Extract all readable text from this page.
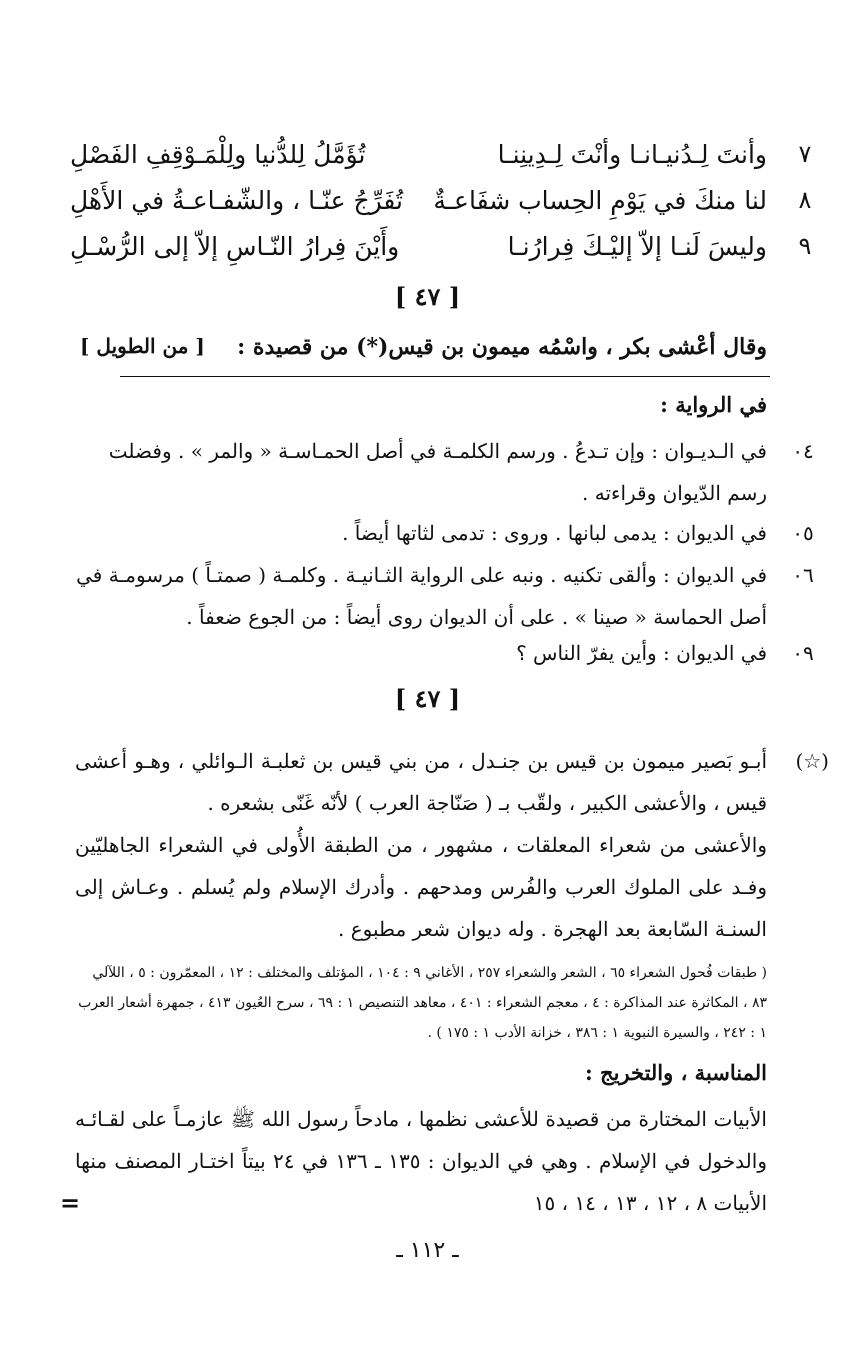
٧
وأنتَ لِـدُنيـانـا وأنْتَ لِـدِينِنـا
تُؤَمَّلُ لِلدُّنيا ولِلْمَـوْقِفِ الفَصْلِ
٨
لنا منكَ في يَوْمِ الحِساب شفَاعـةٌ
تُفَرِّجُ عنّـا ، والشّفـاعـةُ في الأَهْلِ
٩
وليسَ لَنـا إلاّ إليْـكَ فِرارُنـا
وأَيْنَ فِرارُ النّـاسِ إلاّ إلى الرُّسْـلِ
[ ٤٧ ]
وقال أعْشى بكر ، واسْمُه ميمون بن قيس(*) من قصيدة :
[ من الطويل ]
في الرواية :
٠٤
في الـديـوان : وإن تـدعُ . ورسم الكلمـة في أصل الحمـاسـة « والمر » . وفضلت رسم الدّيوان وقراءته .
٠٥
في الديوان : يدمى لبانها . وروى : تدمى لثاتها أيضاً .
٠٦
في الديوان : وألقى تكنيه . ونبه على الرواية الثـانيـة . وكلمـة ( صمتـاً ) مرسومـة في أصل الحماسة « صينا » . على أن الديوان روى أيضاً : من الجوع ضعفاً .
٠٩
في الديوان : وأين يفرّ الناس ؟
[ ٤٧ ]
(☆)
أبـو بَصير ميمون بن قيس بن جنـدل ، من بني قيس بن ثعلبـة الـوائلي ، وهـو أعشى قيس ، والأعشى الكبير ، ولقّب بـ ( صَنّاجة العرب ) لأنّه غَنّى بشعره .
والأعشى من شعراء المعلقات ، مشهور ، من الطبقة الأُولى في الشعراء الجاهليّين وفـد على الملوك العرب والفُرس ومدحهم . وأدرك الإسلام ولم يُسلم . وعـاش إلى السنـة السّابعة بعد الهجرة . وله ديوان شعر مطبوع .
( طبقات فُحول الشعراء ٦٥ ، الشعر والشعراء ٢٥٧ ، الأغاني ٩ : ١٠٤ ، المؤتلف والمختلف : ١٢ ، المعمّرون : ٥ ، اللآلي ٨٣ ، المكاثرة عند المذاكرة : ٤ ، معجم الشعراء : ٤٠١ ، معاهد التنصيص ١ : ٦٩ ، سرح العُيون ٤١٣ ، جمهرة أشعار العرب ١ : ٢٤٢ ، والسيرة النبوية ١ : ٣٨٦ ، خزانة الأدب ١ : ١٧٥ ) .
المناسبة ، والتخريج :
الأبيات المختارة من قصيدة للأعشى نظمها ، مادحاً رسول الله ﷺ عازمـاً على لقـائـه والدخول في الإسلام . وهي في الديوان : ١٣٥ ـ ١٣٦ في ٢٤ بيتاً اختـار المصنف منها الأبيات ٨ ، ١٢ ، ١٣ ، ١٤ ، ١٥
=
ـ ١١٢ ـ
